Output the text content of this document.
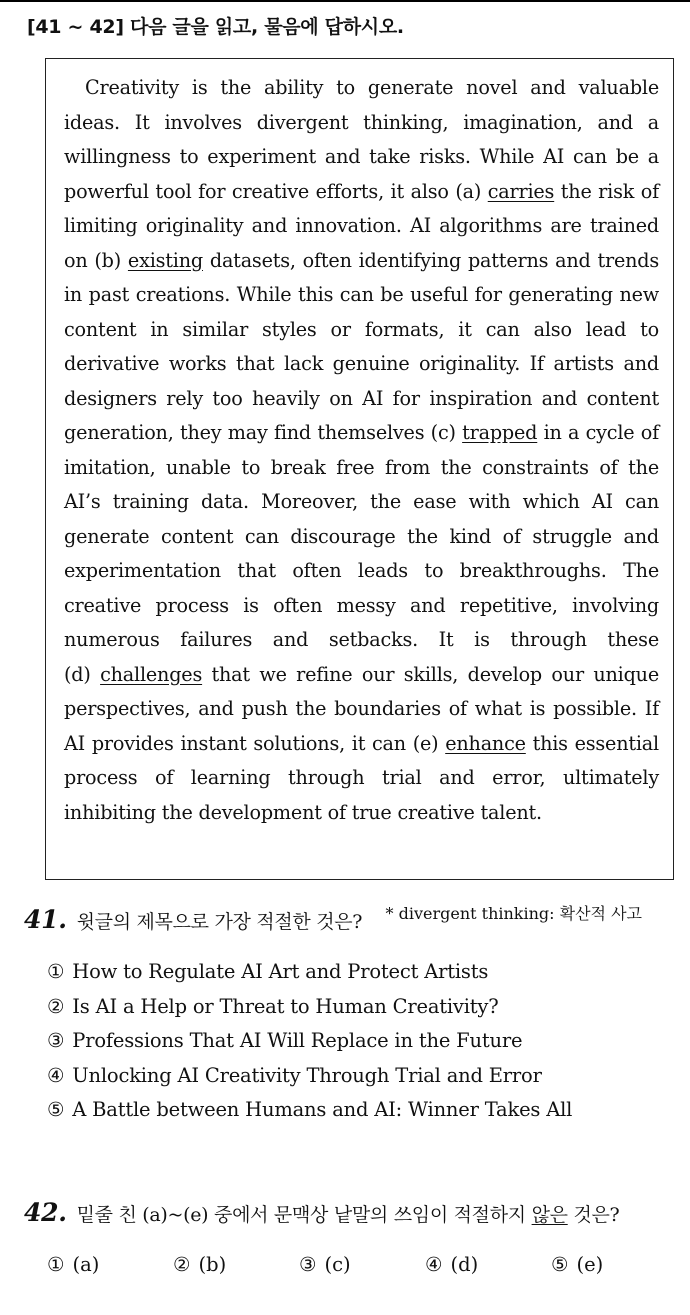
[41 ~ 42] 다음 글을 읽고, 물음에 답하시오.
* divergent thinking: 확산적 사고

Creativity is the ability to generate novel and valuable ideas. It involves divergent thinking, imagination, and a willingness to experiment and take risks. While AI can be a powerful tool for creative efforts, it also (a) carries the risk of limiting originality and innovation. AI algorithms are trained on (b) existing datasets, often identifying patterns and trends in past creations. While this can be useful for generating new content in similar styles or formats, it can also lead to derivative works that lack genuine originality. If artists and designers rely too heavily on AI for inspiration and content generation, they may find themselves (c) trapped in a cycle of imitation, unable to break free from the constraints of the AI’s training data. Moreover, the ease with which AI can generate content can discourage the kind of struggle and experimentation that often leads to breakthroughs. The creative process is often messy and repetitive, involving numerous failures and setbacks. It is through these (d) challenges that we refine our skills, develop our unique perspectives, and push the boundaries of what is possible. If AI provides instant solutions, it can (e) enhance this essential process of learning through trial and error, ultimately inhibiting the development of true creative talent.

41. 윗글의 제목으로 가장 적절한 것은?
① How to Regulate AI Art and Protect Artists
② Is AI a Help or Threat to Human Creativity?
③ Professions That AI Will Replace in the Future
④ Unlocking AI Creativity Through Trial and Error
⑤ A Battle between Humans and AI: Winner Takes All
42. 밑줄 친 (a)~(e) 중에서 문맥상 낱말의 쓰임이 적절하지 않은 것은?
① (a)	② (b)	③ (c)	④ (d)	⑤ (e)
